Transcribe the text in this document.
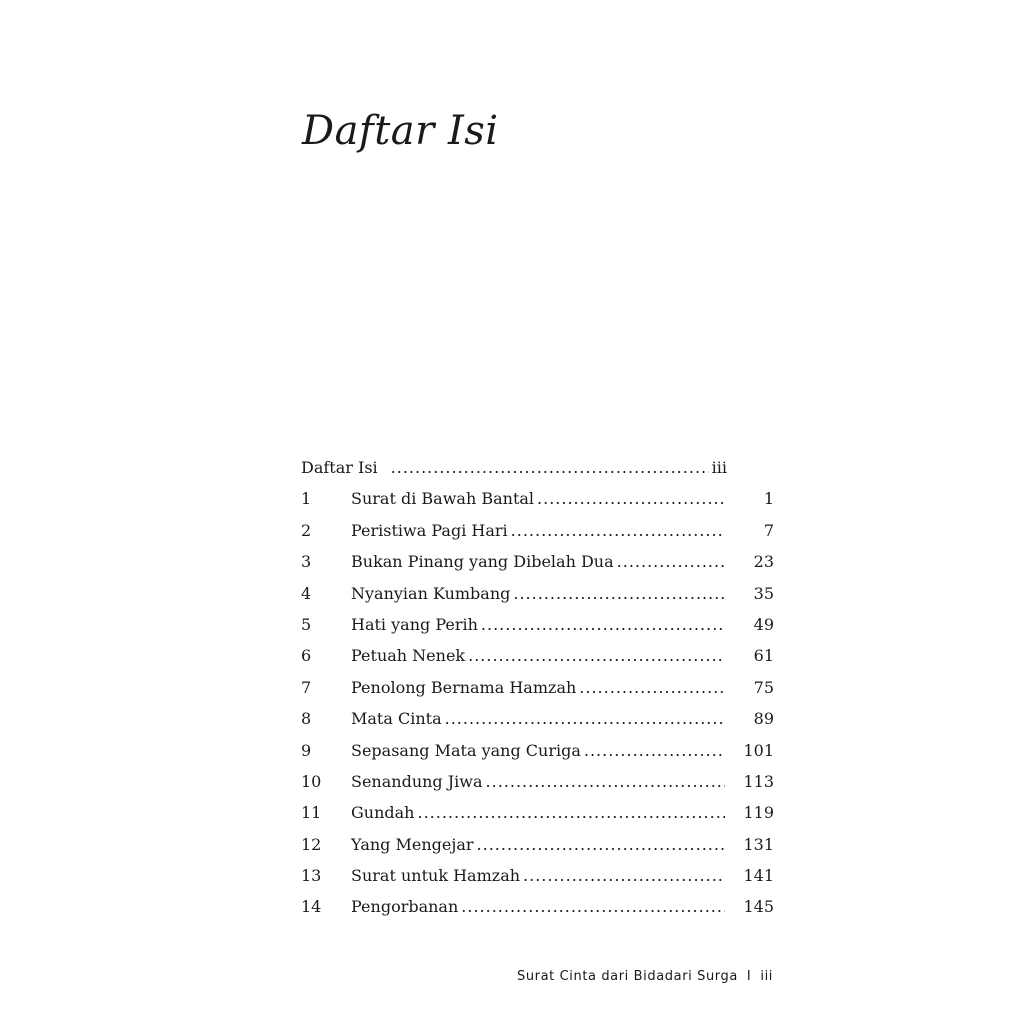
Daftar Isi
Daftar Isi .....	iii
1	Surat di Bawah Bantal .....	1
2	Peristiwa Pagi Hari .....	7
3	Bukan Pinang yang Dibelah Dua .....	23
4	Nyanyian Kumbang .....	35
5	Hati yang Perih .....	49
6	Petuah Nenek .....	61
7	Penolong Bernama Hamzah .....	75
8	Mata Cinta .....	89
9	Sepasang Mata yang Curiga .....	101
10	Senandung Jiwa .....	113
11	Gundah .....	119
12	Yang Mengejar .....	131
13	Surat untuk Hamzah .....	141
14	Pengorbanan .....	145
Surat Cinta dari Bidadari Surga I iii
